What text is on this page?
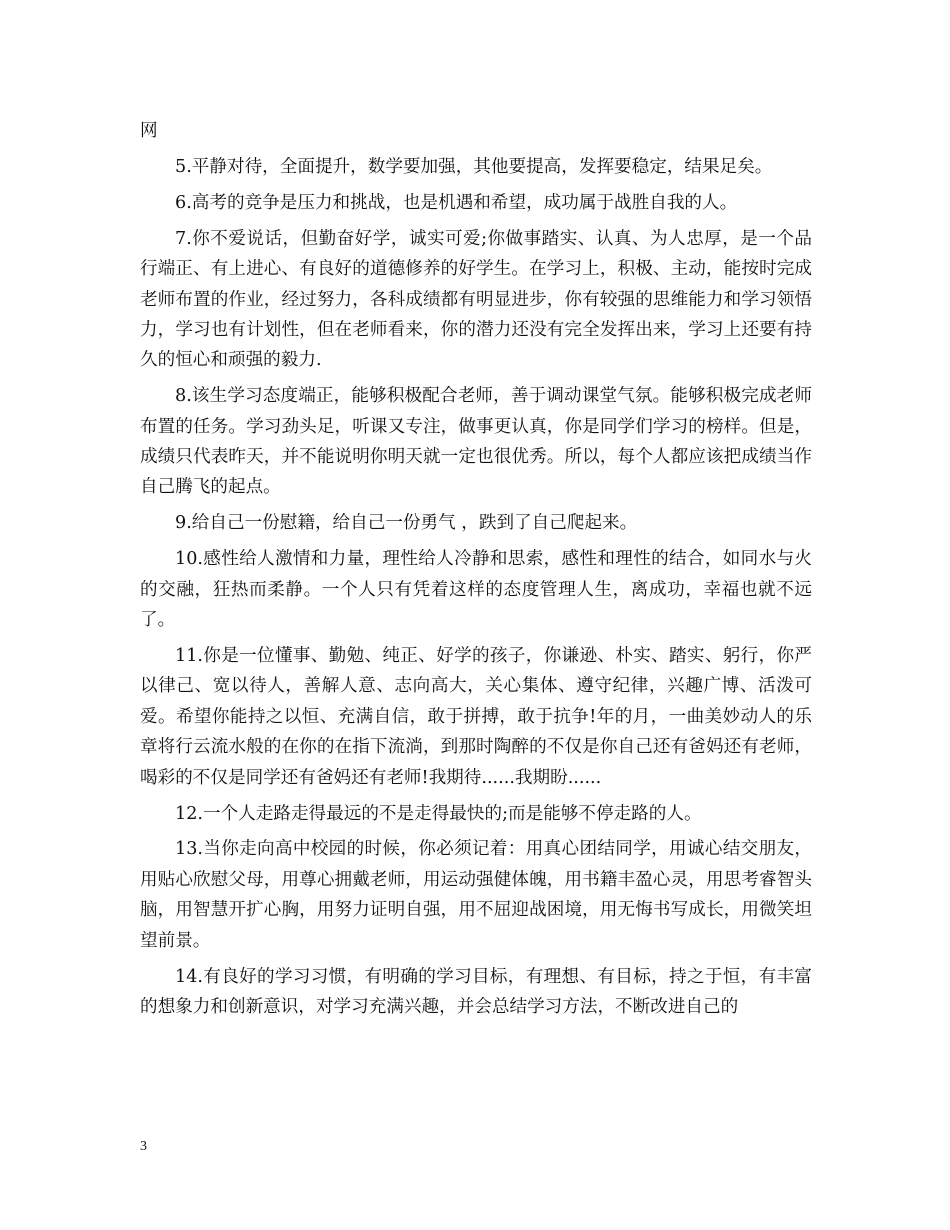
网

5.平静对待，全面提升，数学要加强，其他要提高，发挥要稳定，结果足矣。

6.高考的竞争是压力和挑战，也是机遇和希望，成功属于战胜自我的人。

7.你不爱说话，但勤奋好学，诚实可爱;你做事踏实、认真、为人忠厚，是一个品行端正、有上进心、有良好的道德修养的好学生。在学习上，积极、主动，能按时完成老师布置的作业，经过努力，各科成绩都有明显进步，你有较强的思维能力和学习领悟力，学习也有计划性，但在老师看来，你的潜力还没有完全发挥出来，学习上还要有持久的恒心和顽强的毅力.

8.该生学习态度端正，能够积极配合老师，善于调动课堂气氛。能够积极完成老师布置的任务。学习劲头足，听课又专注，做事更认真，你是同学们学习的榜样。但是，成绩只代表昨天，并不能说明你明天就一定也很优秀。所以，每个人都应该把成绩当作自己腾飞的起点。

9.给自己一份慰籍，给自己一份勇气 ，跌到了自己爬起来。

10.感性给人激情和力量，理性给人冷静和思索，感性和理性的结合，如同水与火的交融，狂热而柔静。一个人只有凭着这样的态度管理人生，离成功，幸福也就不远了。

11.你是一位懂事、勤勉、纯正、好学的孩子，你谦逊、朴实、踏实、躬行，你严以律己、宽以待人，善解人意、志向高大，关心集体、遵守纪律，兴趣广博、活泼可爱。希望你能持之以恒、充满自信，敢于拼搏，敢于抗争!年的月，一曲美妙动人的乐章将行云流水般的在你的在指下流淌，到那时陶醉的不仅是你自己还有爸妈还有老师，喝彩的不仅是同学还有爸妈还有老师!我期待......我期盼......

12.一个人走路走得最远的不是走得最快的;而是能够不停走路的人。

13.当你走向高中校园的时候，你必须记着：用真心团结同学，用诚心结交朋友，用贴心欣慰父母，用尊心拥戴老师，用运动强健体魄，用书籍丰盈心灵，用思考睿智头脑，用智慧开扩心胸，用努力证明自强，用不屈迎战困境，用无悔书写成长，用微笑坦望前景。

14.有良好的学习习惯，有明确的学习目标，有理想、有目标，持之于恒，有丰富的想象力和创新意识，对学习充满兴趣，并会总结学习方法，不断改进自己的

3
